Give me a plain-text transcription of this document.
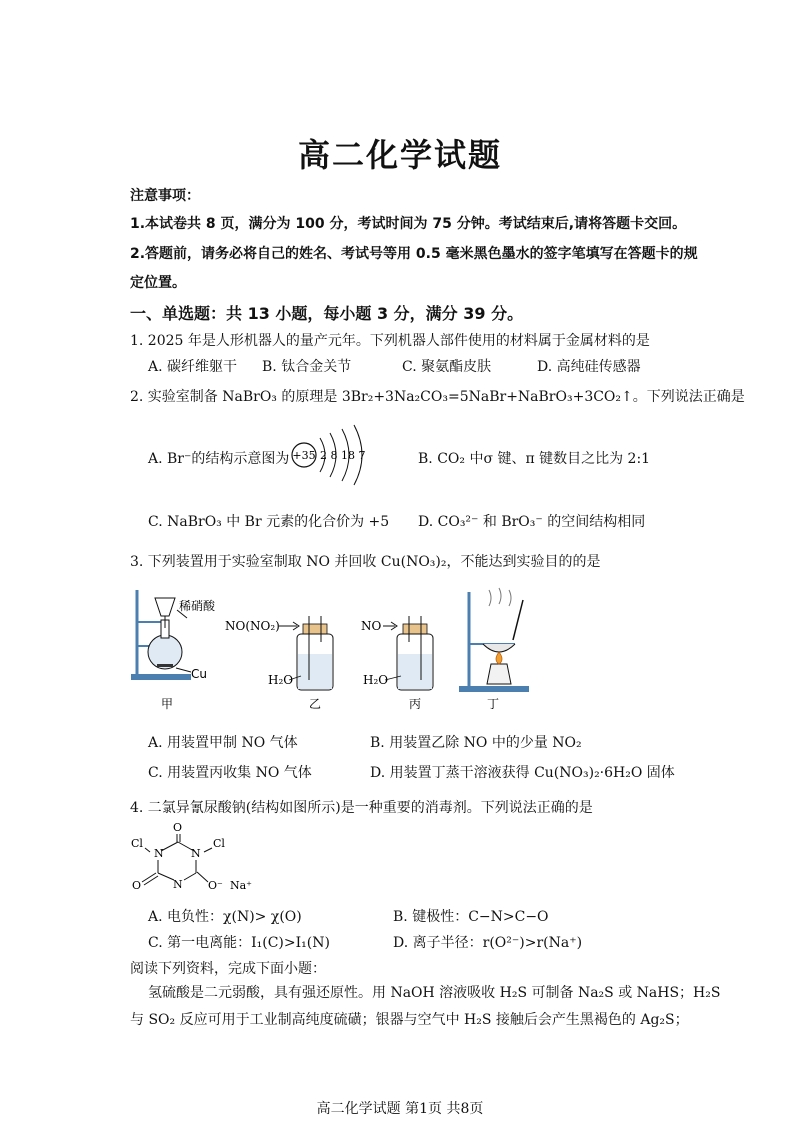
高二化学试题
注意事项：
1.本试卷共 8 页，满分为 100 分，考试时间为 75 分钟。考试结束后,请将答题卡交回。
2.答题前，请务必将自己的姓名、考试号等用 0.5 毫米黑色墨水的签字笔填写在答题卡的规
定位置。
一、单选题：共 13 小题，每小题 3 分，满分 39 分。
1. 2025 年是人形机器人的量产元年。下列机器人部件使用的材料属于金属材料的是
A. 碳纤维躯干 B. 钛合金关节	C. 聚氨酯皮肤	D. 高纯硅传感器
2. 实验室制备 NaBrO₃ 的原理是 3Br₂+3Na₂CO₃=5NaBr+NaBrO₃+3CO₂↑。下列说法正确是
A. Br⁻的结构示意图为 +35 2 8 18 7	B. CO₂ 中σ 键、π 键数目之比为 2:1
C. NaBrO₃ 中 Br 元素的化合价为 +5 D. CO₃²⁻ 和 BrO₃⁻ 的空间结构相同
3. 下列装置用于实验室制取 NO 并回收 Cu(NO₃)₂，不能达到实验目的的是
稀硝酸
Cu
甲
NO(NO₂)
H₂O
乙
NO
H₂O
丙	丁
A. 用装置甲制 NO 气体	B. 用装置乙除 NO 中的少量 NO₂
C. 用装置丙收集 NO 气体	D. 用装置丁蒸干溶液获得 Cu(NO₃)₂·6H₂O 固体
4. 二氯异氰尿酸钠(结构如图所示)是一种重要的消毒剂。下列说法正确的是
O
Cl	Cl
N N
N
O	O⁻ Na⁺
A. 电负性：χ(N)> χ(O)	B. 键极性：C−N>C−O
C. 第一电离能：I₁(C)>I₁(N)	D. 离子半径：r(O²⁻)>r(Na⁺)
阅读下列资料，完成下面小题：
氢硫酸是二元弱酸，具有强还原性。用 NaOH 溶液吸收 H₂S 可制备 Na₂S 或 NaHS；H₂S
与 SO₂ 反应可用于工业制高纯度硫磺；银器与空气中 H₂S 接触后会产生黑褐色的 Ag₂S；
高二化学试题 第1页 共8页
